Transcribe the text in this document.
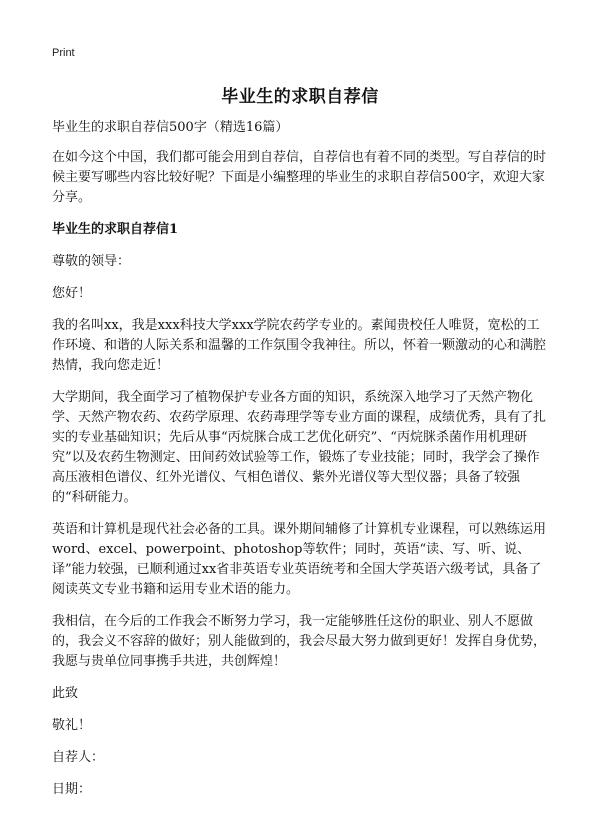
Print
毕业生的求职自荐信

毕业生的求职自荐信500字（精选16篇）

在如今这个中国，我们都可能会用到自荐信，自荐信也有着不同的类型。写自荐信的时候主要写哪些内容比较好呢？下面是小编整理的毕业生的求职自荐信500字，欢迎大家分享。

毕业生的求职自荐信1

尊敬的领导：

您好！

我的名叫xx，我是xxx科技大学xxx学院农药学专业的。素闻贵校任人唯贤，宽松的工作环境、和谐的人际关系和温馨的工作氛围令我神往。所以，怀着一颗激动的心和满腔热情，我向您走近！

大学期间，我全面学习了植物保护专业各方面的知识，系统深入地学习了天然产物化学、天然产物农药、农药学原理、农药毒理学等专业方面的课程，成绩优秀，具有了扎实的专业基础知识；先后从事“丙烷脒合成工艺优化研究”、“丙烷脒杀菌作用机理研究”以及农药生物测定、田间药效试验等工作，锻炼了专业技能；同时，我学会了操作高压液相色谱仪、红外光谱仪、气相色谱仪、紫外光谱仪等大型仪器；具备了较强的“科研能力。

英语和计算机是现代社会必备的工具。课外期间辅修了计算机专业课程，可以熟练运用word、excel、powerpoint、photoshop等软件；同时，英语“读、写、听、说、译”能力较强，已顺利通过xx省非英语专业英语统考和全国大学英语六级考试，具备了阅读英文专业书籍和运用专业术语的能力。

我相信，在今后的工作我会不断努力学习，我一定能够胜任这份的职业、别人不愿做的，我会义不容辞的做好；别人能做到的，我会尽最大努力做到更好！发挥自身优势，我愿与贵单位同事携手共进，共创辉煌！

此致

敬礼！

自荐人：

日期：
